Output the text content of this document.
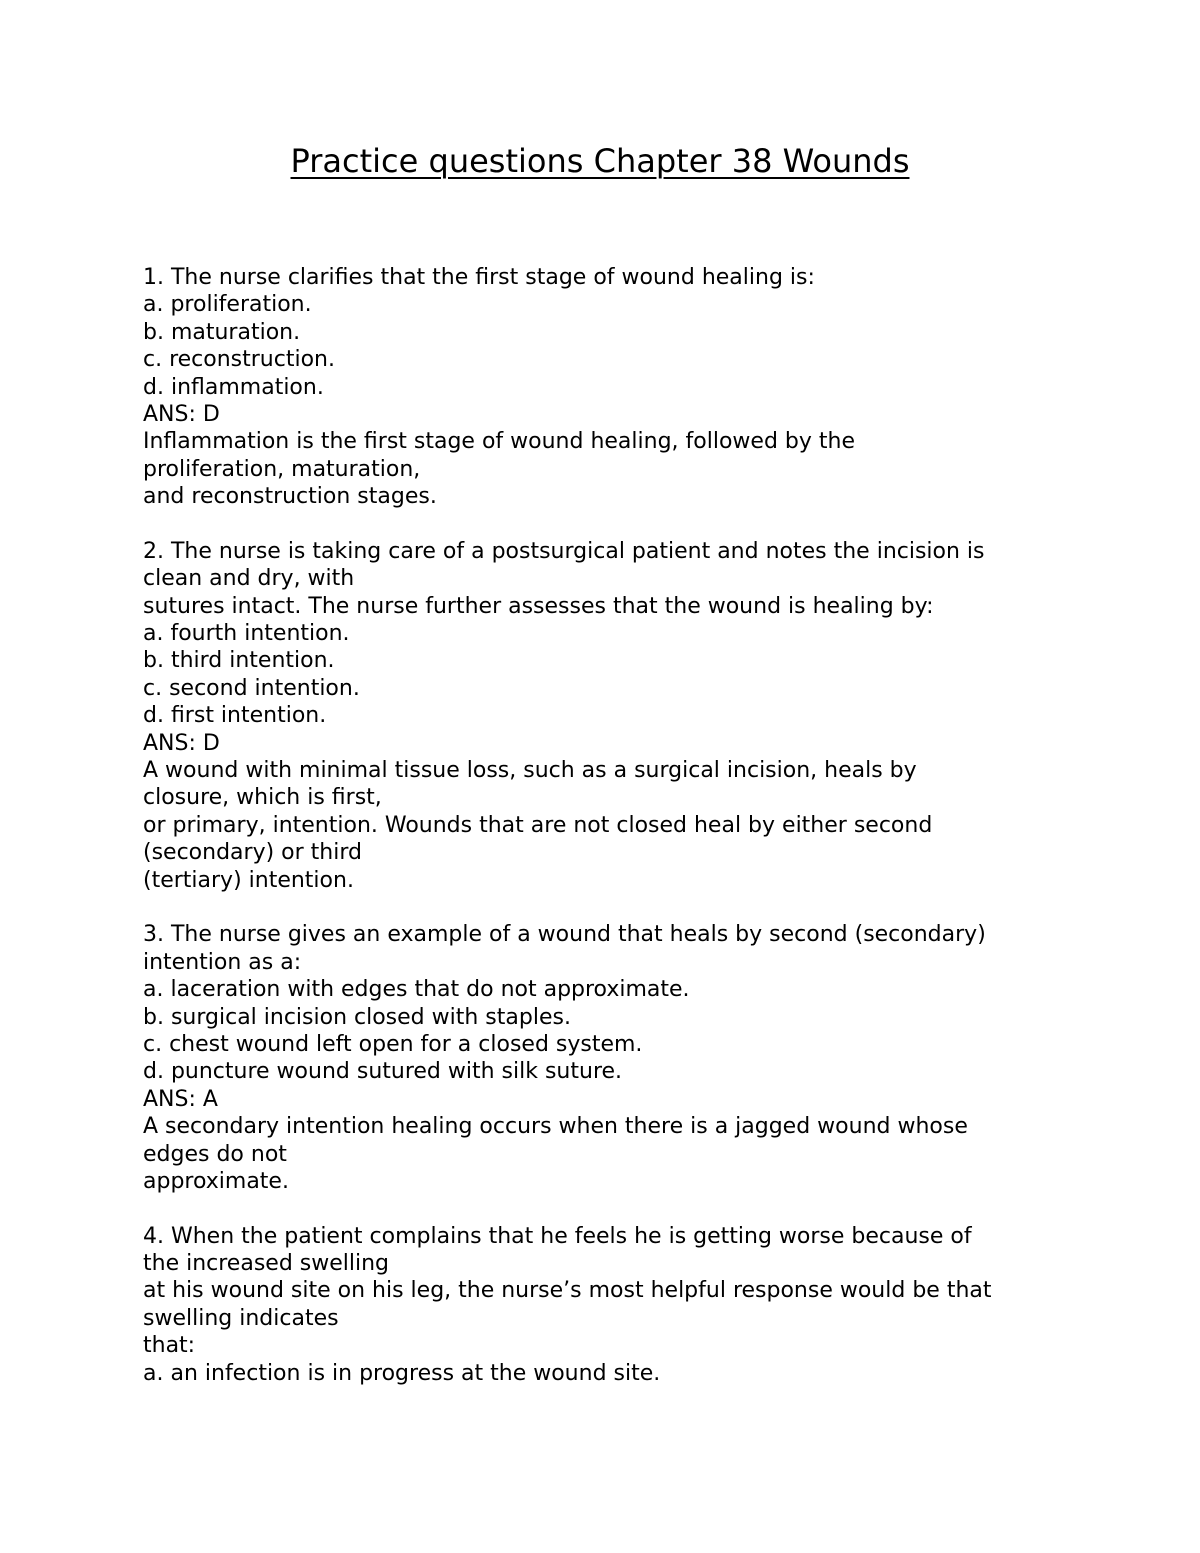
Practice questions Chapter 38 Wounds
1. The nurse clarifies that the first stage of wound healing is:
a. proliferation.
b. maturation.
c. reconstruction.
d. inflammation.
ANS: D
Inflammation is the first stage of wound healing, followed by the
proliferation, maturation,
and reconstruction stages.
2. The nurse is taking care of a postsurgical patient and notes the incision is
clean and dry, with
sutures intact. The nurse further assesses that the wound is healing by:
a. fourth intention.
b. third intention.
c. second intention.
d. first intention.
ANS: D
A wound with minimal tissue loss, such as a surgical incision, heals by
closure, which is first,
or primary, intention. Wounds that are not closed heal by either second
(secondary) or third
(tertiary) intention.
3. The nurse gives an example of a wound that heals by second (secondary)
intention as a:
a. laceration with edges that do not approximate.
b. surgical incision closed with staples.
c. chest wound left open for a closed system.
d. puncture wound sutured with silk suture.
ANS: A
A secondary intention healing occurs when there is a jagged wound whose
edges do not
approximate.
4. When the patient complains that he feels he is getting worse because of
the increased swelling
at his wound site on his leg, the nurse’s most helpful response would be that
swelling indicates
that:
a. an infection is in progress at the wound site.
